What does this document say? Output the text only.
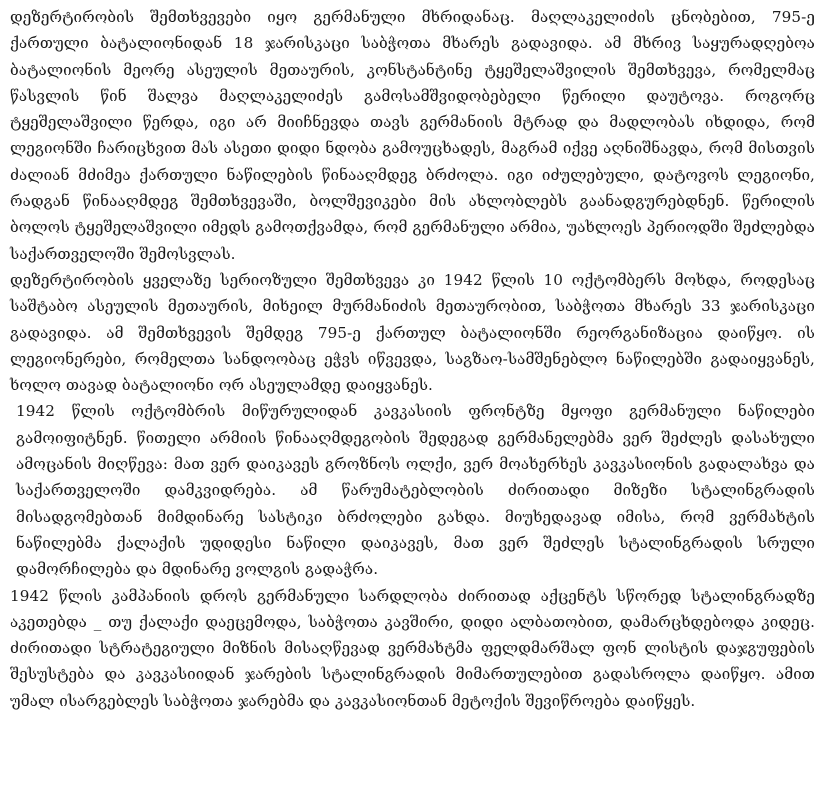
დეზერტირობის შემთხვევები იყო გერმანული მხრიდანაც. მაღლაკელიძის ცნობებით, 795-ე ქართული ბატალიონიდან 18 ჯარისკაცი საბჭოთა მხარეს გადავიდა. ამ მხრივ საყურადღებოა ბატალიონის მეორე ასეულის მეთაურის, კონსტანტინე ტყეშელაშვილის შემთხვევა, რომელმაც წასვლის წინ შალვა მაღლაკელიძეს გამოსამშვიდობებელი წერილი დაუტოვა. როგორც ტყეშელაშვილი წერდა, იგი არ მიიჩნევდა თავს გერმანიის მტრად და მადლობას იხდიდა, რომ ლეგიონში ჩარიცხვით მას ასეთი დიდი ნდობა გამოუცხადეს, მაგრამ იქვე აღნიშნავდა, რომ მისთვის ძალიან მძიმეა ქართული ნაწილების წინააღმდეგ ბრძოლა. იგი იძულებული, დატოვოს ლეგიონი, რადგან წინააღმდეგ შემთხვევაში, ბოლშევიკები მის ახლობლებს გაანადგურებდნენ. წერილის ბოლოს ტყეშელაშვილი იმედს გამოთქვამდა, რომ გერმანული არმია, უახლოეს პერიოდში შეძლებდა საქართველოში შემოსვლას.

დეზერტირობის ყველაზე სერიოზული შემთხვევა კი 1942 წლის 10 ოქტომბერს მოხდა, როდესაც საშტაბო ასეულის მეთაურის, მიხეილ მურმანიძის მეთაურობით, საბჭოთა მხარეს 33 ჯარისკაცი გადავიდა. ამ შემთხვევის შემდეგ 795-ე ქართულ ბატალიონში რეორგანიზაცია დაიწყო. ის ლეგიონერები, რომელთა სანდოობაც ეჭვს იწვევდა, საგზაო-სამშენებლო ნაწილებში გადაიყვანეს, ხოლო თავად ბატალიონი ორ ასეულამდე დაიყვანეს.

1942 წლის ოქტომბრის მიწურულიდან კავკასიის ფრონტზე მყოფი გერმანული ნაწილები გამოიფიტნენ. წითელი არმიის წინააღმდეგობის შედეგად გერმანელებმა ვერ შეძლეს დასახული ამოცანის მიღწევა: მათ ვერ დაიკავეს გროზნოს ოლქი, ვერ მოახერხეს კავკასიონის გადალახვა და საქართველოში დამკვიდრება. ამ წარუმატებლობის ძირითადი მიზეზი სტალინგრადის მისადგომებთან მიმდინარე სასტიკი ბრძოლები გახდა. მიუხედავად იმისა, რომ ვერმახტის ნაწილებმა ქალაქის უდიდესი ნაწილი დაიკავეს, მათ ვერ შეძლეს სტალინგრადის სრული დამორჩილება და მდინარე ვოლგის გადაჭრა.

1942 წლის კამპანიის დროს გერმანული სარდლობა ძირითად აქცენტს სწორედ სტალინგრადზე აკეთებდა _ თუ ქალაქი დაეცემოდა, საბჭოთა კავშირი, დიდი ალბათობით, დამარცხდებოდა კიდეც. ძირითადი სტრატეგიული მიზნის მისაღწევად ვერმახტმა ფელდმარშალ ფონ ლისტის დაჯგუფების შესუსტება და კავკასიიდან ჯარების სტალინგრადის მიმართულებით გადასროლა დაიწყო. ამით უმალ ისარგებლეს საბჭოთა ჯარებმა და კავკასიონთან მეტოქის შევიწროება დაიწყეს.
